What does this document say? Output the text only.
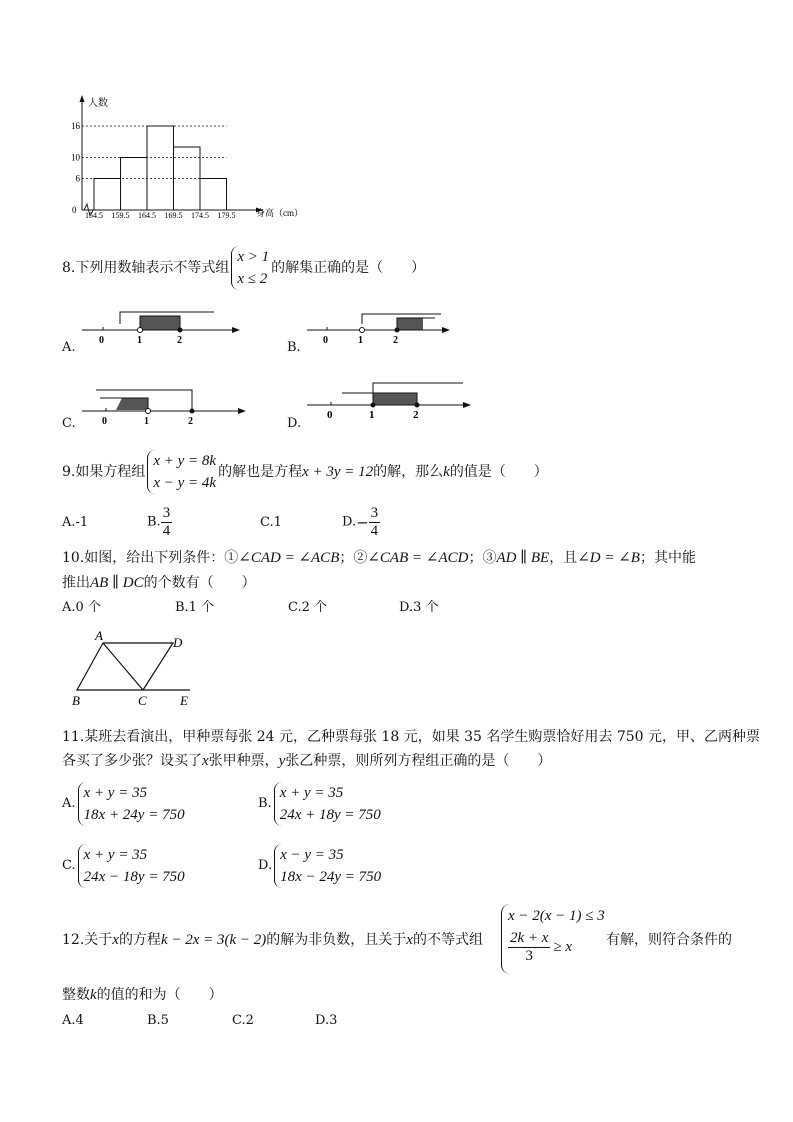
人数
0	身高（cm）
16
10
6
154.5 159.5 164.5 169.5 174.5 179.5
8.下列用数轴表示不等式组
x > 1
x ≤ 2
的解集正确的是（　　）
A. 0	1	2	B. 0	1	2
C.	0	1	2	D.
0	1	2
9.如果方程组
x + y = 8k
x − y = 4k
的解也是方程x + 3y = 12的解，那么k的值是（　　）
A.-1	B. $\frac{3}{4}$	C.1	$D.- \frac{3}{4}$
10.如图，给出下列条件：①∠CAD = ∠ACB；②∠CAB = ∠ACD；③AD ∥ BE，且∠D = ∠B；其中能
推出AB ∥ DC的个数有（　　）
A.0 个	B.1 个	C.2 个	D.3 个
A	D
B	C	E
11.某班去看演出，甲种票每张 24 元，乙种票每张 18 元，如果 35 名学生购票恰好用去 750 元，甲、乙两种票
各买了多少张？设买了x张甲种票，y张乙种票，则所列方程组正确的是（　　）
A.
x + y = 35
18x + 24y = 750
B.
x + y = 35
24x + 18y = 750
C.
x + y = 35
24x − 18y = 750
D.
x − y = 35
18x − 24y = 750
12.关于x的方程k − 2x = 3(k − 2)的解为非负数，且关于x的不等式组
x − 2(x − 1) ≤ 3
$\frac{2k + x}{3} \ge x$	有解，则符合条件的
整数k的值的和为（　　）
A.4	B.5	C.2	D.3
